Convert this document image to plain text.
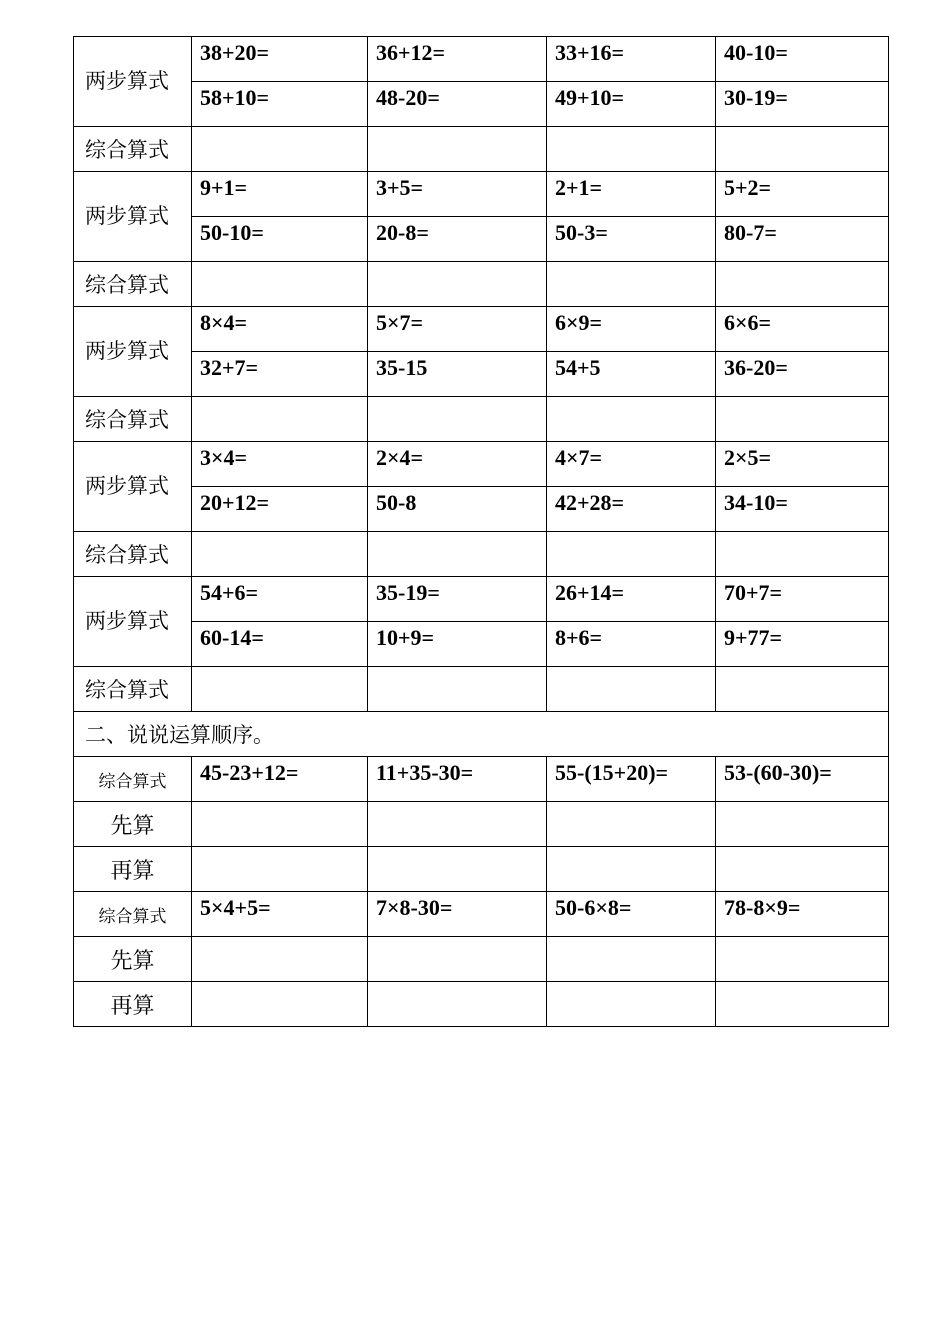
两步算式	38+20=	36+12=	33+16=	40-10=
	58+10=	48-20=	49+10=	30-19=
综合算式				
两步算式	9+1=	3+5=	2+1=	5+2=
	50-10=	20-8=	50-3=	80-7=
综合算式				
两步算式	8×4=	5×7=	6×9=	6×6=
	32+7=	35-15	54+5	36-20=
综合算式				
两步算式	3×4=	2×4=	4×7=	2×5=
	20+12=	50-8	42+28=	34-10=
综合算式				
两步算式	54+6=	35-19=	26+14=	70+7=
	60-14=	10+9=	8+6=	9+77=
综合算式				
二、说说运算顺序。				
综合算式	45-23+12=	11+35-30=	55-(15+20)=	53-(60-30)=
先算				
再算				
综合算式	5×4+5=	7×8-30=	50-6×8=	78-8×9=
先算				
再算				
